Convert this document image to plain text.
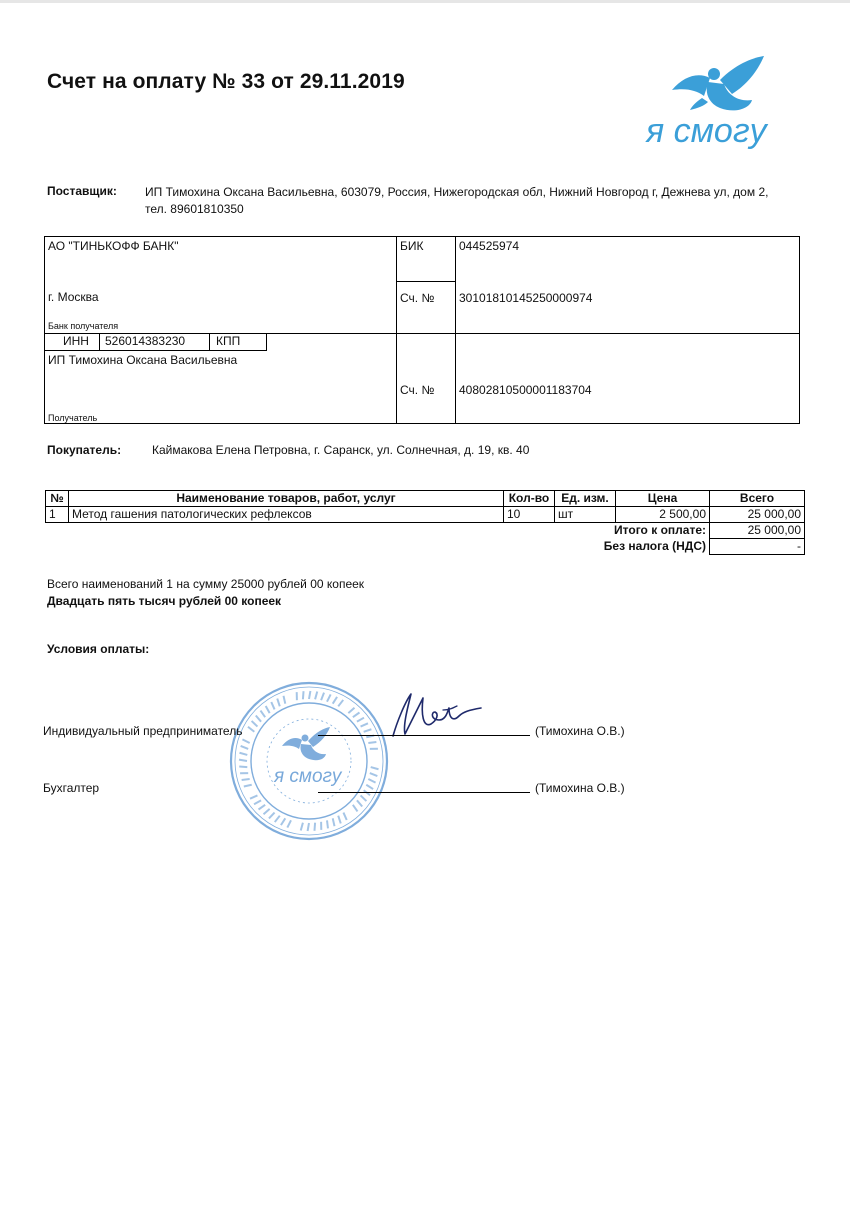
Счет на оплату № 33 от 29.11.2019
я смогу
Поставщик: ИП Тимохина Оксана Васильевна, 603079, Россия, Нижегородская обл, Нижний Новгород г, Дежнева ул, дом 2, тел. 89601810350
АО "ТИНЬКОФФ БАНК"
г. Москва
Банк получателя
БИК	044525974
Сч. № 30101810145250000974
ИНН	526014383230	КПП
ИП Тимохина Оксана Васильевна
Получатель
Сч. № 40802810500001183704
Покупатель:	Каймакова Елена Петровна, г. Саранск, ул. Солнечная, д. 19, кв. 40
№	Наименование товаров, работ, услуг	Кол-во	Ед. изм.	Цена	Всего
1	Метод гашения патологических рефлексов	10	шт	2 500,00	25 000,00
	Итого к оплате:				25 000,00
	Без налога (НДС)				-
Всего наименований 1 на сумму 25000 рублей 00 копеек
Двадцать пять тысяч рублей 00 копеек
Условия оплаты:
я смогу
Индивидуальный предприниматель	(Тимохина О.В.)
Бухгалтер	(Тимохина О.В.)
